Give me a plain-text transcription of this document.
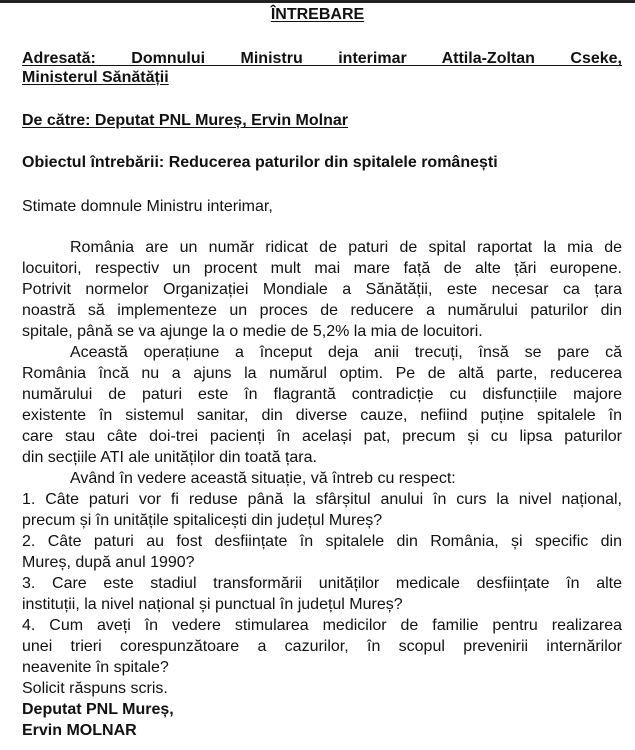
ÎNTREBARE
Adresată: Domnului Ministru interimar Attila-Zoltan Cseke,
Ministerul Sănătății
De către: Deputat PNL Mureș, Ervin Molnar
Obiectul întrebării: Reducerea paturilor din spitalele românești
Stimate domnule Ministru interimar,
România are un număr ridicat de paturi de spital raportat la mia de
locuitori, respectiv un procent mult mai mare față de alte țări europene.
Potrivit normelor Organizației Mondiale a Sănătății, este necesar ca țara
noastră să implementeze un proces de reducere a numărului paturilor din
spitale, până se va ajunge la o medie de 5,2% la mia de locuitori.
Această operațiune a început deja anii trecuți, însă se pare că
România încă nu a ajuns la numărul optim. Pe de altă parte, reducerea
numărului de paturi este în flagrantă contradicție cu disfuncțiile majore
existente în sistemul sanitar, din diverse cauze, nefiind puține spitalele în
care stau câte doi-trei pacienți în același pat, precum și cu lipsa paturilor
din secțiile ATI ale unităților din toată țara.
Având în vedere această situație, vă întreb cu respect:
1. Câte paturi vor fi reduse până la sfârșitul anului în curs la nivel național,
precum și în unitățile spitalicești din județul Mureș?
2. Câte paturi au fost desființate în spitalele din România, și specific din
Mureș, după anul 1990?
3. Care este stadiul transformării unităților medicale desființate în alte
instituții, la nivel național și punctual în județul Mureș?
4. Cum aveți în vedere stimularea medicilor de familie pentru realizarea
unei trieri corespunzătoare a cazurilor, în scopul prevenirii internărilor
neavenite în spitale?
Solicit răspuns scris.
Deputat PNL Mureș,
Ervin MOLNAR
